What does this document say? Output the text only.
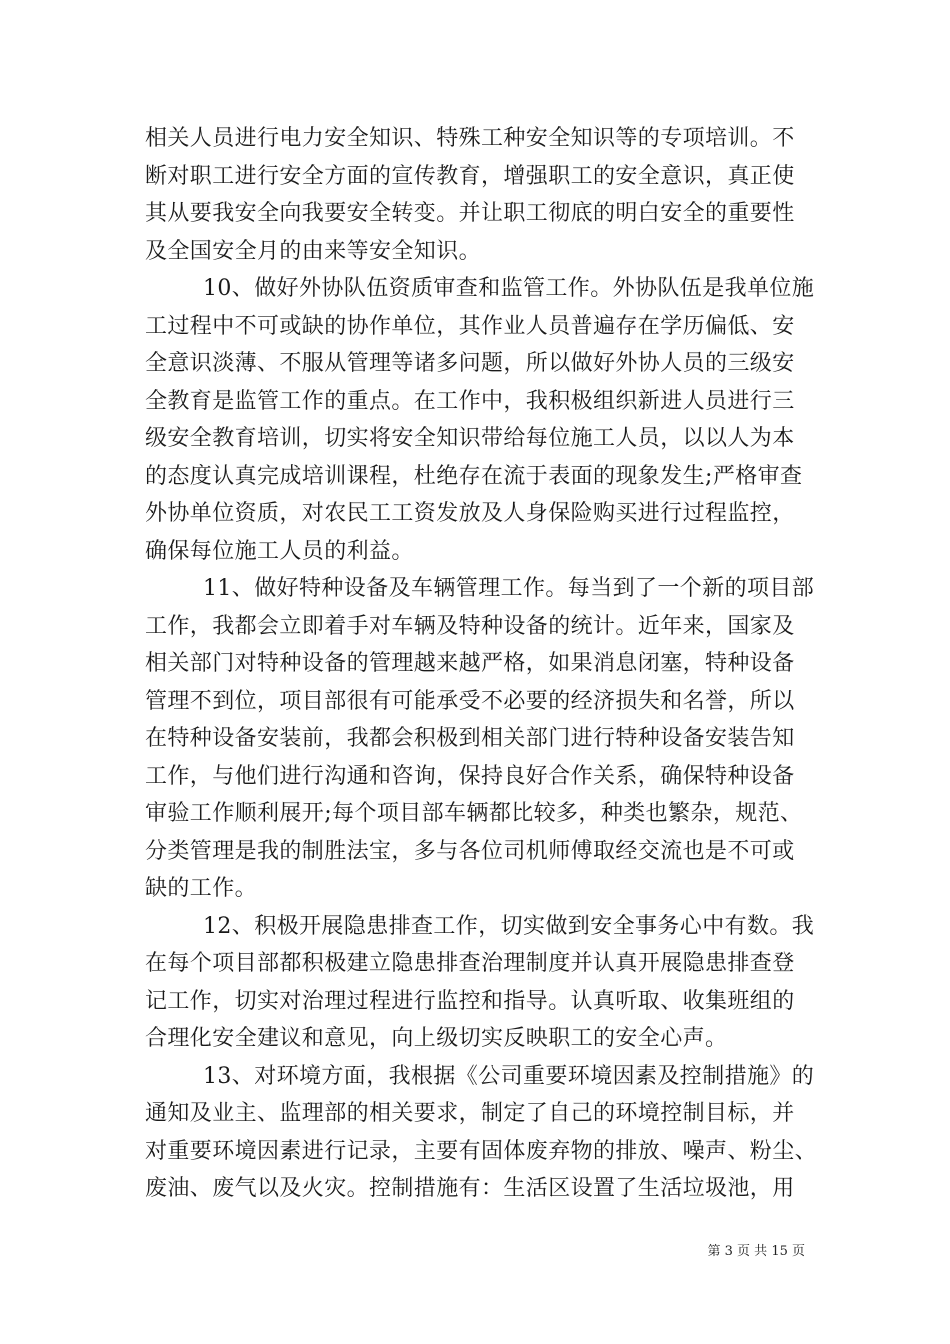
相关人员进行电力安全知识、特殊工种安全知识等的专项培训。不
断对职工进行安全方面的宣传教育，增强职工的安全意识，真正使
其从要我安全向我要安全转变。并让职工彻底的明白安全的重要性
及全国安全月的由来等安全知识。
10、做好外协队伍资质审查和监管工作。外协队伍是我单位施
工过程中不可或缺的协作单位，其作业人员普遍存在学历偏低、安
全意识淡薄、不服从管理等诸多问题，所以做好外协人员的三级安
全教育是监管工作的重点。在工作中，我积极组织新进人员进行三
级安全教育培训，切实将安全知识带给每位施工人员，以以人为本
的态度认真完成培训课程，杜绝存在流于表面的现象发生;严格审查
外协单位资质，对农民工工资发放及人身保险购买进行过程监控，
确保每位施工人员的利益。
11、做好特种设备及车辆管理工作。每当到了一个新的项目部
工作，我都会立即着手对车辆及特种设备的统计。近年来，国家及
相关部门对特种设备的管理越来越严格，如果消息闭塞，特种设备
管理不到位，项目部很有可能承受不必要的经济损失和名誉，所以
在特种设备安装前，我都会积极到相关部门进行特种设备安装告知
工作，与他们进行沟通和咨询，保持良好合作关系，确保特种设备
审验工作顺利展开;每个项目部车辆都比较多，种类也繁杂，规范、
分类管理是我的制胜法宝，多与各位司机师傅取经交流也是不可或
缺的工作。
12、积极开展隐患排查工作，切实做到安全事务心中有数。我
在每个项目部都积极建立隐患排查治理制度并认真开展隐患排查登
记工作，切实对治理过程进行监控和指导。认真听取、收集班组的
合理化安全建议和意见，向上级切实反映职工的安全心声。
13、对环境方面，我根据《公司重要环境因素及控制措施》的
通知及业主、监理部的相关要求，制定了自己的环境控制目标，并
对重要环境因素进行记录，主要有固体废弃物的排放、噪声、粉尘、
废油、废气以及火灾。控制措施有：生活区设置了生活垃圾池，用
第 3 页 共 15 页
